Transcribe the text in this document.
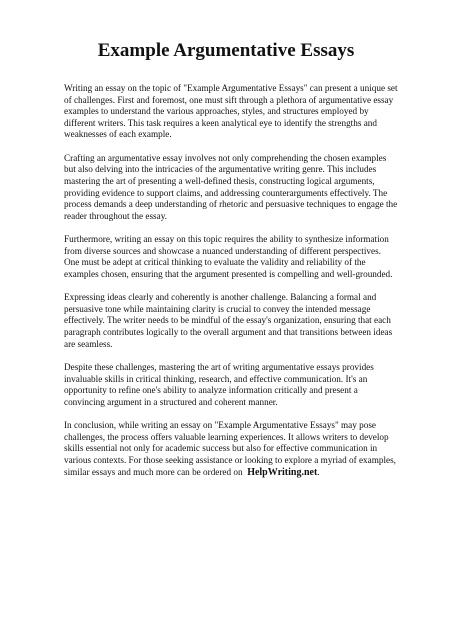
Example Argumentative Essays

Writing an essay on the topic of "Example Argumentative Essays" can present a unique set of challenges. First and foremost, one must sift through a plethora of argumentative essay examples to understand the various approaches, styles, and structures employed by different writers. This task requires a keen analytical eye to identify the strengths and weaknesses of each example.

Crafting an argumentative essay involves not only comprehending the chosen examples but also delving into the intricacies of the argumentative writing genre. This includes mastering the art of presenting a well-defined thesis, constructing logical arguments, providing evidence to support claims, and addressing counterarguments effectively. The process demands a deep understanding of rhetoric and persuasive techniques to engage the reader throughout the essay.

Furthermore, writing an essay on this topic requires the ability to synthesize information from diverse sources and showcase a nuanced understanding of different perspectives. One must be adept at critical thinking to evaluate the validity and reliability of the examples chosen, ensuring that the argument presented is compelling and well-grounded.

Expressing ideas clearly and coherently is another challenge. Balancing a formal and persuasive tone while maintaining clarity is crucial to convey the intended message effectively. The writer needs to be mindful of the essay's organization, ensuring that each paragraph contributes logically to the overall argument and that transitions between ideas are seamless.

Despite these challenges, mastering the art of writing argumentative essays provides invaluable skills in critical thinking, research, and effective communication. It's an opportunity to refine one's ability to analyze information critically and present a convincing argument in a structured and coherent manner.

In conclusion, while writing an essay on "Example Argumentative Essays" may pose challenges, the process offers valuable learning experiences. It allows writers to develop skills essential not only for academic success but also for effective communication in various contexts. For those seeking assistance or looking to explore a myriad of examples, similar essays and much more can be ordered on HelpWriting.net.
